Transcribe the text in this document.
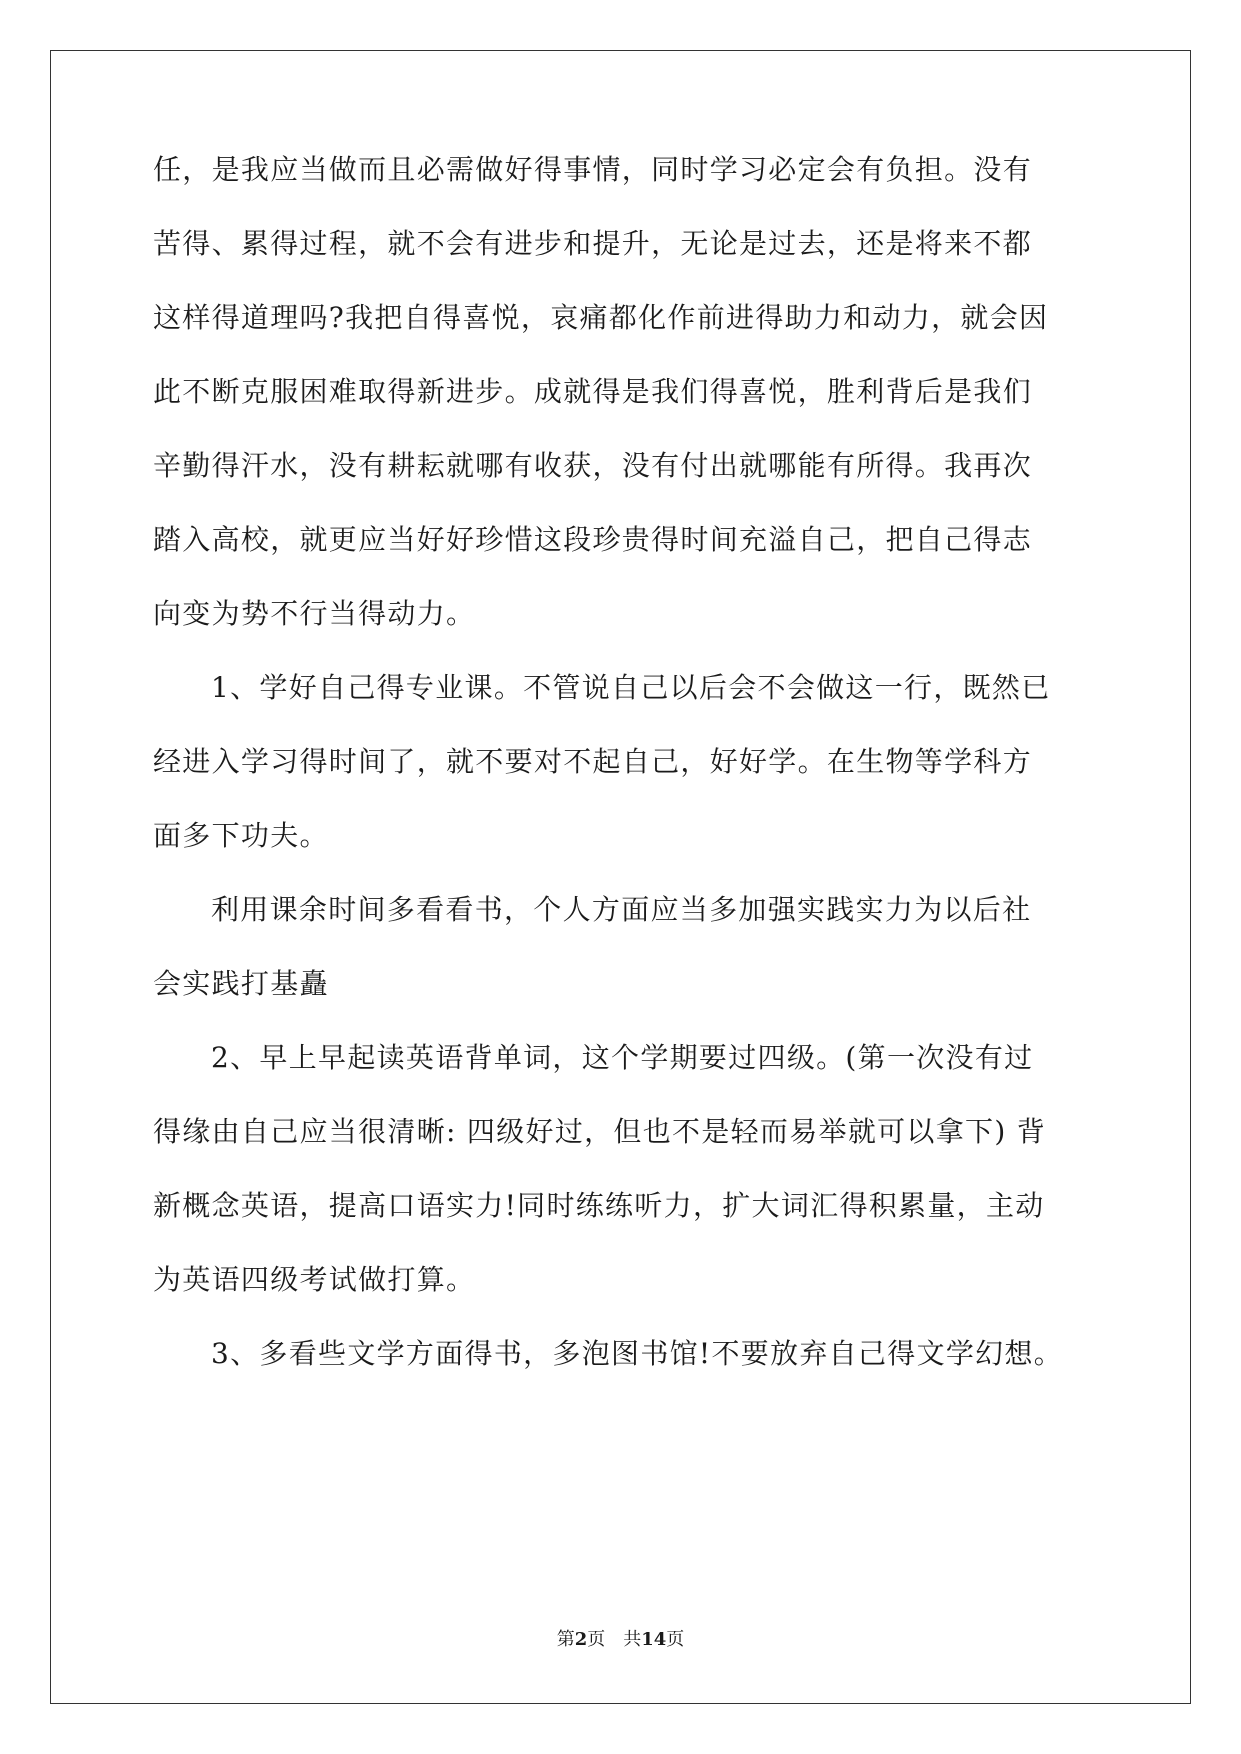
任，是我应当做而且必需做好得事情，同时学习必定会有负担。没有
苦得、累得过程，就不会有进步和提升，无论是过去，还是将来不都
这样得道理吗?我把自得喜悦，哀痛都化作前进得助力和动力，就会因
此不断克服困难取得新进步。成就得是我们得喜悦，胜利背后是我们
辛勤得汗水，没有耕耘就哪有收获，没有付出就哪能有所得。我再次
踏入高校，就更应当好好珍惜这段珍贵得时间充溢自己，把自己得志
向变为势不行当得动力。
1、学好自己得专业课。不管说自己以后会不会做这一行，既然已
经进入学习得时间了，就不要对不起自己，好好学。在生物等学科方
面多下功夫。
利用课余时间多看看书，个人方面应当多加强实践实力为以后社
会实践打基矗
2、早上早起读英语背单词，这个学期要过四级。(第一次没有过
得缘由自己应当很清晰: 四级好过，但也不是轻而易举就可以拿下) 背
新概念英语，提高口语实力!同时练练听力，扩大词汇得积累量，主动
为英语四级考试做打算。
3、多看些文学方面得书，多泡图书馆!不要放弃自己得文学幻想。
第2页 共14页
